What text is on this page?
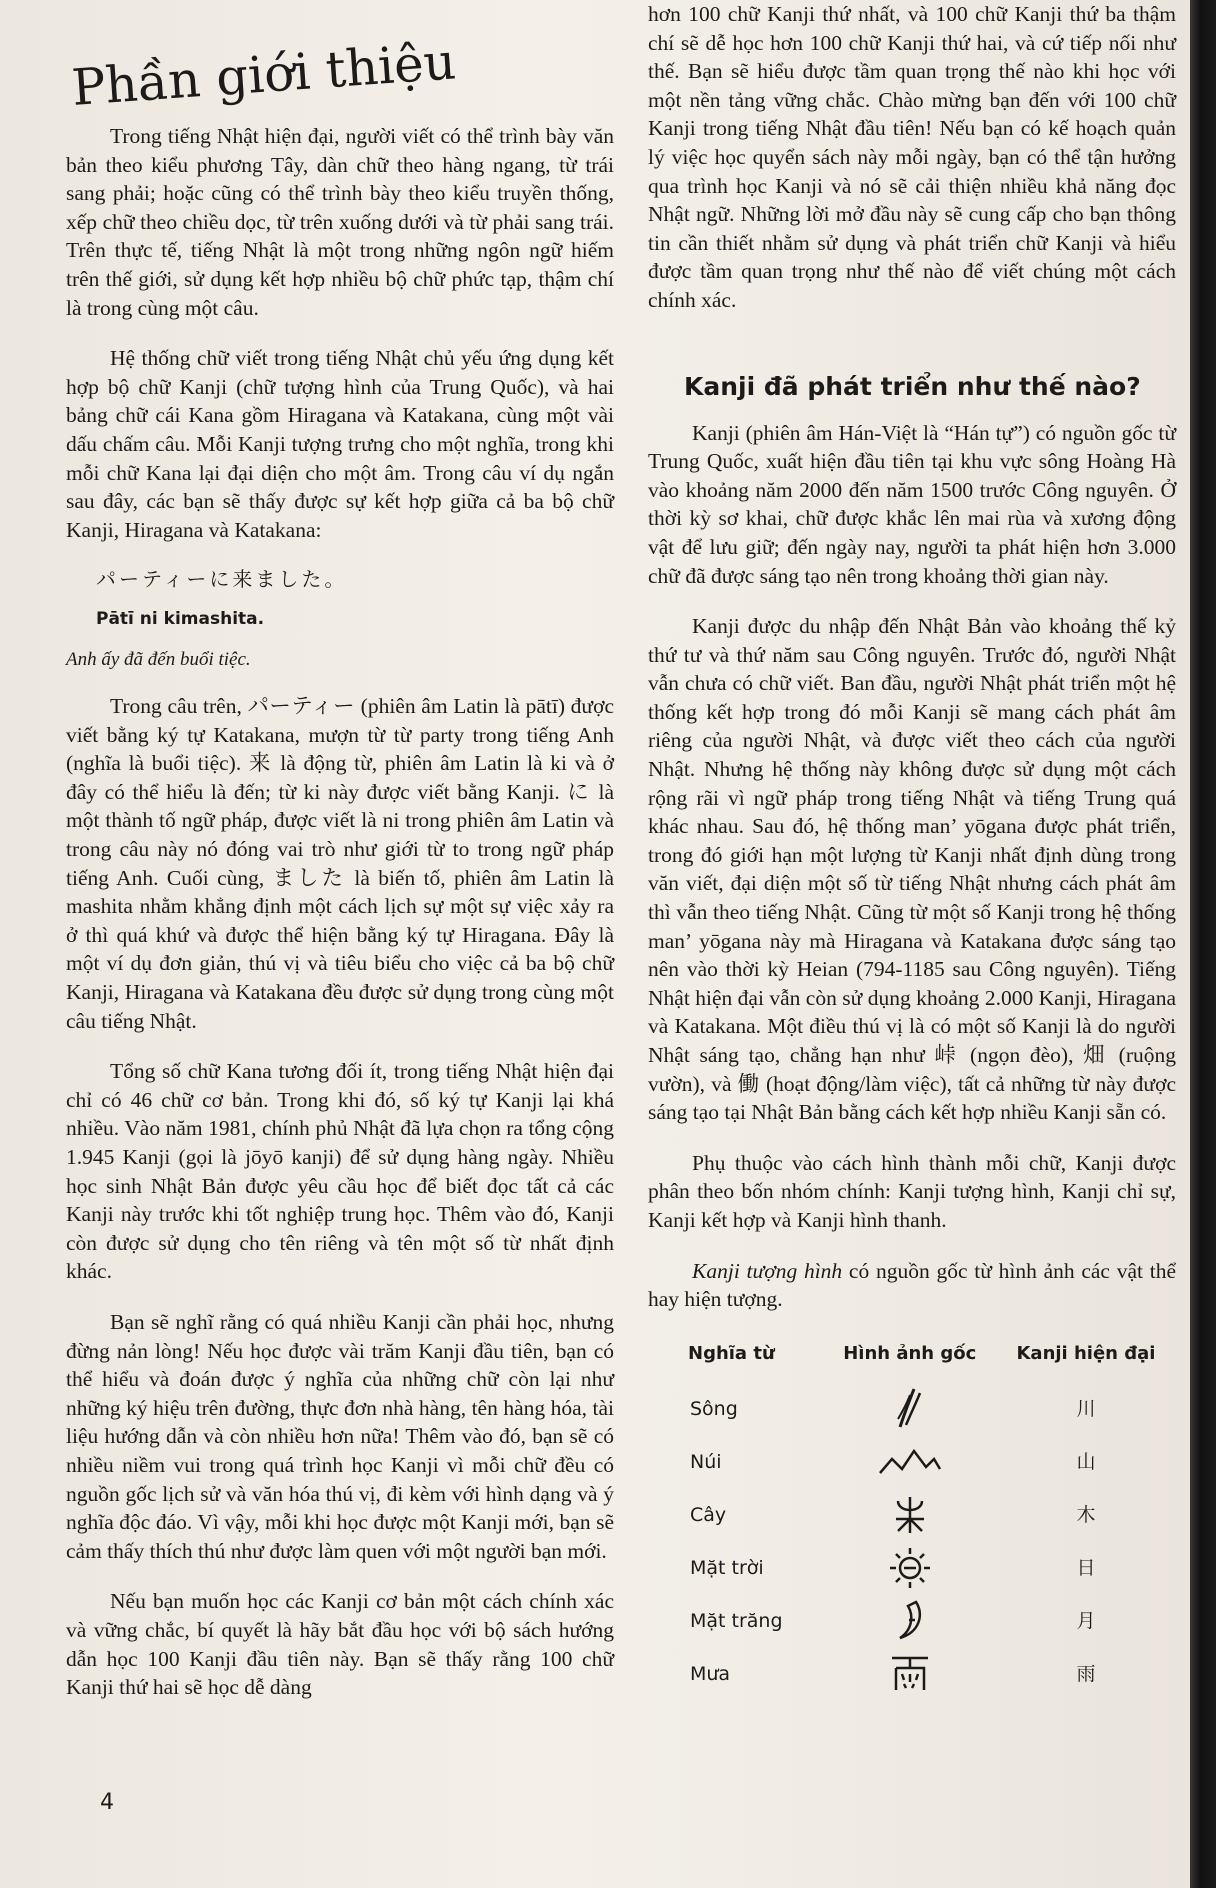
Phần giới thiệu

Trong tiếng Nhật hiện đại, người viết có thể trình bày văn bản theo kiểu phương Tây, dàn chữ theo hàng ngang, từ trái sang phải; hoặc cũng có thể trình bày theo kiểu truyền thống, xếp chữ theo chiều dọc, từ trên xuống dưới và từ phải sang trái. Trên thực tế, tiếng Nhật là một trong những ngôn ngữ hiếm trên thế giới, sử dụng kết hợp nhiều bộ chữ phức tạp, thậm chí là trong cùng một câu.

Hệ thống chữ viết trong tiếng Nhật chủ yếu ứng dụng kết hợp bộ chữ Kanji (chữ tượng hình của Trung Quốc), và hai bảng chữ cái Kana gồm Hiragana và Katakana, cùng một vài dấu chấm câu. Mỗi Kanji tượng trưng cho một nghĩa, trong khi mỗi chữ Kana lại đại diện cho một âm. Trong câu ví dụ ngắn sau đây, các bạn sẽ thấy được sự kết hợp giữa cả ba bộ chữ Kanji, Hiragana và Katakana:

パーティーに来ました。
Pātī ni kimashita.
Anh ấy đã đến buổi tiệc.

Trong câu trên, パーティー (phiên âm Latin là pātī) được viết bằng ký tự Katakana, mượn từ từ party trong tiếng Anh (nghĩa là buổi tiệc). 来 là động từ, phiên âm Latin là ki và ở đây có thể hiểu là đến; từ ki này được viết bằng Kanji. に là một thành tố ngữ pháp, được viết là ni trong phiên âm Latin và trong câu này nó đóng vai trò như giới từ to trong ngữ pháp tiếng Anh. Cuối cùng, ました là biến tố, phiên âm Latin là mashita nhằm khẳng định một cách lịch sự một sự việc xảy ra ở thì quá khứ và được thể hiện bằng ký tự Hiragana. Đây là một ví dụ đơn giản, thú vị và tiêu biểu cho việc cả ba bộ chữ Kanji, Hiragana và Katakana đều được sử dụng trong cùng một câu tiếng Nhật.

Tổng số chữ Kana tương đối ít, trong tiếng Nhật hiện đại chỉ có 46 chữ cơ bản. Trong khi đó, số ký tự Kanji lại khá nhiều. Vào năm 1981, chính phủ Nhật đã lựa chọn ra tổng cộng 1.945 Kanji (gọi là jōyō kanji) để sử dụng hàng ngày. Nhiều học sinh Nhật Bản được yêu cầu học để biết đọc tất cả các Kanji này trước khi tốt nghiệp trung học. Thêm vào đó, Kanji còn được sử dụng cho tên riêng và tên một số từ nhất định khác.

Bạn sẽ nghĩ rằng có quá nhiều Kanji cần phải học, nhưng đừng nản lòng! Nếu học được vài trăm Kanji đầu tiên, bạn có thể hiểu và đoán được ý nghĩa của những chữ còn lại như những ký hiệu trên đường, thực đơn nhà hàng, tên hàng hóa, tài liệu hướng dẫn và còn nhiều hơn nữa! Thêm vào đó, bạn sẽ có nhiều niềm vui trong quá trình học Kanji vì mỗi chữ đều có nguồn gốc lịch sử và văn hóa thú vị, đi kèm với hình dạng và ý nghĩa độc đáo. Vì vậy, mỗi khi học được một Kanji mới, bạn sẽ cảm thấy thích thú như được làm quen với một người bạn mới.

Nếu bạn muốn học các Kanji cơ bản một cách chính xác và vững chắc, bí quyết là hãy bắt đầu học với bộ sách hướng dẫn học 100 Kanji đầu tiên này. Bạn sẽ thấy rằng 100 chữ Kanji thứ hai sẽ học dễ dàng

hơn 100 chữ Kanji thứ nhất, và 100 chữ Kanji thứ ba thậm chí sẽ dễ học hơn 100 chữ Kanji thứ hai, và cứ tiếp nối như thế. Bạn sẽ hiểu được tầm quan trọng thế nào khi học với một nền tảng vững chắc. Chào mừng bạn đến với 100 chữ Kanji trong tiếng Nhật đầu tiên! Nếu bạn có kế hoạch quản lý việc học quyển sách này mỗi ngày, bạn có thể tận hưởng qua trình học Kanji và nó sẽ cải thiện nhiều khả năng đọc Nhật ngữ. Những lời mở đầu này sẽ cung cấp cho bạn thông tin cần thiết nhằm sử dụng và phát triển chữ Kanji và hiểu được tầm quan trọng như thế nào để viết chúng một cách chính xác.

Kanji đã phát triển như thế nào?

Kanji (phiên âm Hán-Việt là “Hán tự”) có nguồn gốc từ Trung Quốc, xuất hiện đầu tiên tại khu vực sông Hoàng Hà vào khoảng năm 2000 đến năm 1500 trước Công nguyên. Ở thời kỳ sơ khai, chữ được khắc lên mai rùa và xương động vật để lưu giữ; đến ngày nay, người ta phát hiện hơn 3.000 chữ đã được sáng tạo nên trong khoảng thời gian này.

Kanji được du nhập đến Nhật Bản vào khoảng thế kỷ thứ tư và thứ năm sau Công nguyên. Trước đó, người Nhật vẫn chưa có chữ viết. Ban đầu, người Nhật phát triển một hệ thống kết hợp trong đó mỗi Kanji sẽ mang cách phát âm riêng của người Nhật, và được viết theo cách của người Nhật. Nhưng hệ thống này không được sử dụng một cách rộng rãi vì ngữ pháp trong tiếng Nhật và tiếng Trung quá khác nhau. Sau đó, hệ thống man’ yōgana được phát triển, trong đó giới hạn một lượng từ Kanji nhất định dùng trong văn viết, đại diện một số từ tiếng Nhật nhưng cách phát âm thì vẫn theo tiếng Nhật. Cũng từ một số Kanji trong hệ thống man’ yōgana này mà Hiragana và Katakana được sáng tạo nên vào thời kỳ Heian (794-1185 sau Công nguyên). Tiếng Nhật hiện đại vẫn còn sử dụng khoảng 2.000 Kanji, Hiragana và Katakana. Một điều thú vị là có một số Kanji là do người Nhật sáng tạo, chẳng hạn như 峠 (ngọn đèo), 畑 (ruộng vườn), và 働 (hoạt động/làm việc), tất cả những từ này được sáng tạo tại Nhật Bản bằng cách kết hợp nhiều Kanji sẵn có.

Phụ thuộc vào cách hình thành mỗi chữ, Kanji được phân theo bốn nhóm chính: Kanji tượng hình, Kanji chỉ sự, Kanji kết hợp và Kanji hình thanh.

Kanji tượng hình có nguồn gốc từ hình ảnh các vật thể hay hiện tượng.

Nghĩa từ	Hình ảnh gốc	Kanji hiện đại
Sông		川
Núi		山
Cây		木
Mặt trời		日
Mặt trăng		月
Mưa		雨
4
